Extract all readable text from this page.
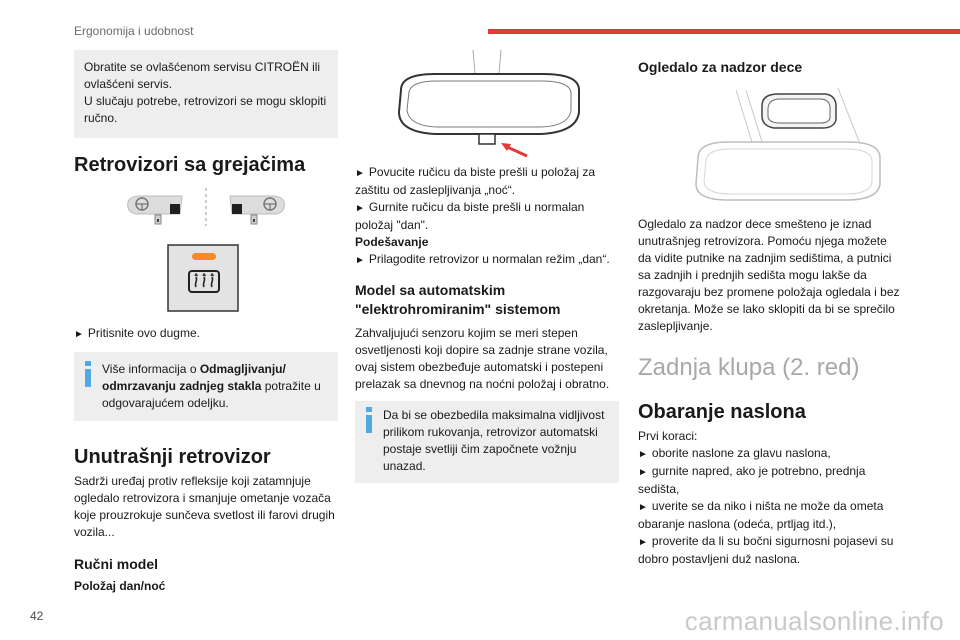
Ergonomija i udobnost
Obratite se ovlašćenom servisu CITROËN ili ovlašćeni servis.
U slučaju potrebe, retrovizori se mogu sklopiti ručno.
Retrovizori sa grejačima
► Pritisnite ovo dugme.
Više informacija o Odmagljivanju/ odmrzavanju zadnjeg stakla potražite u odgovarajućem odeljku.
Unutrašnji retrovizor
Sadrži uređaj protiv refleksije koji zatamnjuje ogledalo retrovizora i smanjuje ometanje vozača koje prouzrokuje sunčeva svetlost ili farovi drugih vozila...
Ručni model
Položaj dan/noć
► Povucite ručicu da biste prešli u položaj za zaštitu od zaslepljivanja „noć“.
► Gurnite ručicu da biste prešli u normalan položaj "dan".
Podešavanje
► Prilagodite retrovizor u normalan režim „dan“.
Model sa automatskim "elektrohromiranim" sistemom
Zahvaljujući senzoru kojim se meri stepen osvetljenosti koji dopire sa zadnje strane vozila, ovaj sistem obezbeđuje automatski i postepeni prelazak sa dnevnog na noćni položaj i obratno.
Da bi se obezbedila maksimalna vidljivost prilikom rukovanja, retrovizor automatski postaje svetliji čim započnete vožnju unazad.
Ogledalo za nadzor dece
Ogledalo za nadzor dece smešteno je iznad unutrašnjeg retrovizora. Pomoću njega možete da vidite putnike na zadnjim sedištima, a putnici sa zadnjih i prednjih sedišta mogu lakše da razgovaraju bez promene položaja ogledala i bez okretanja. Može se lako sklopiti da bi se sprečilo zaslepljivanje.
Zadnja klupa (2. red)
Obaranje naslona
Prvi koraci:
► oborite naslone za glavu naslona,
► gurnite napred, ako je potrebno, prednja sedišta,
► uverite se da niko i ništa ne može da ometa obaranje naslona (odeća, prtljag itd.),
► proverite da li su bočni sigurnosni pojasevi su dobro postavljeni duž naslona.
42	carmanualsonline.info
